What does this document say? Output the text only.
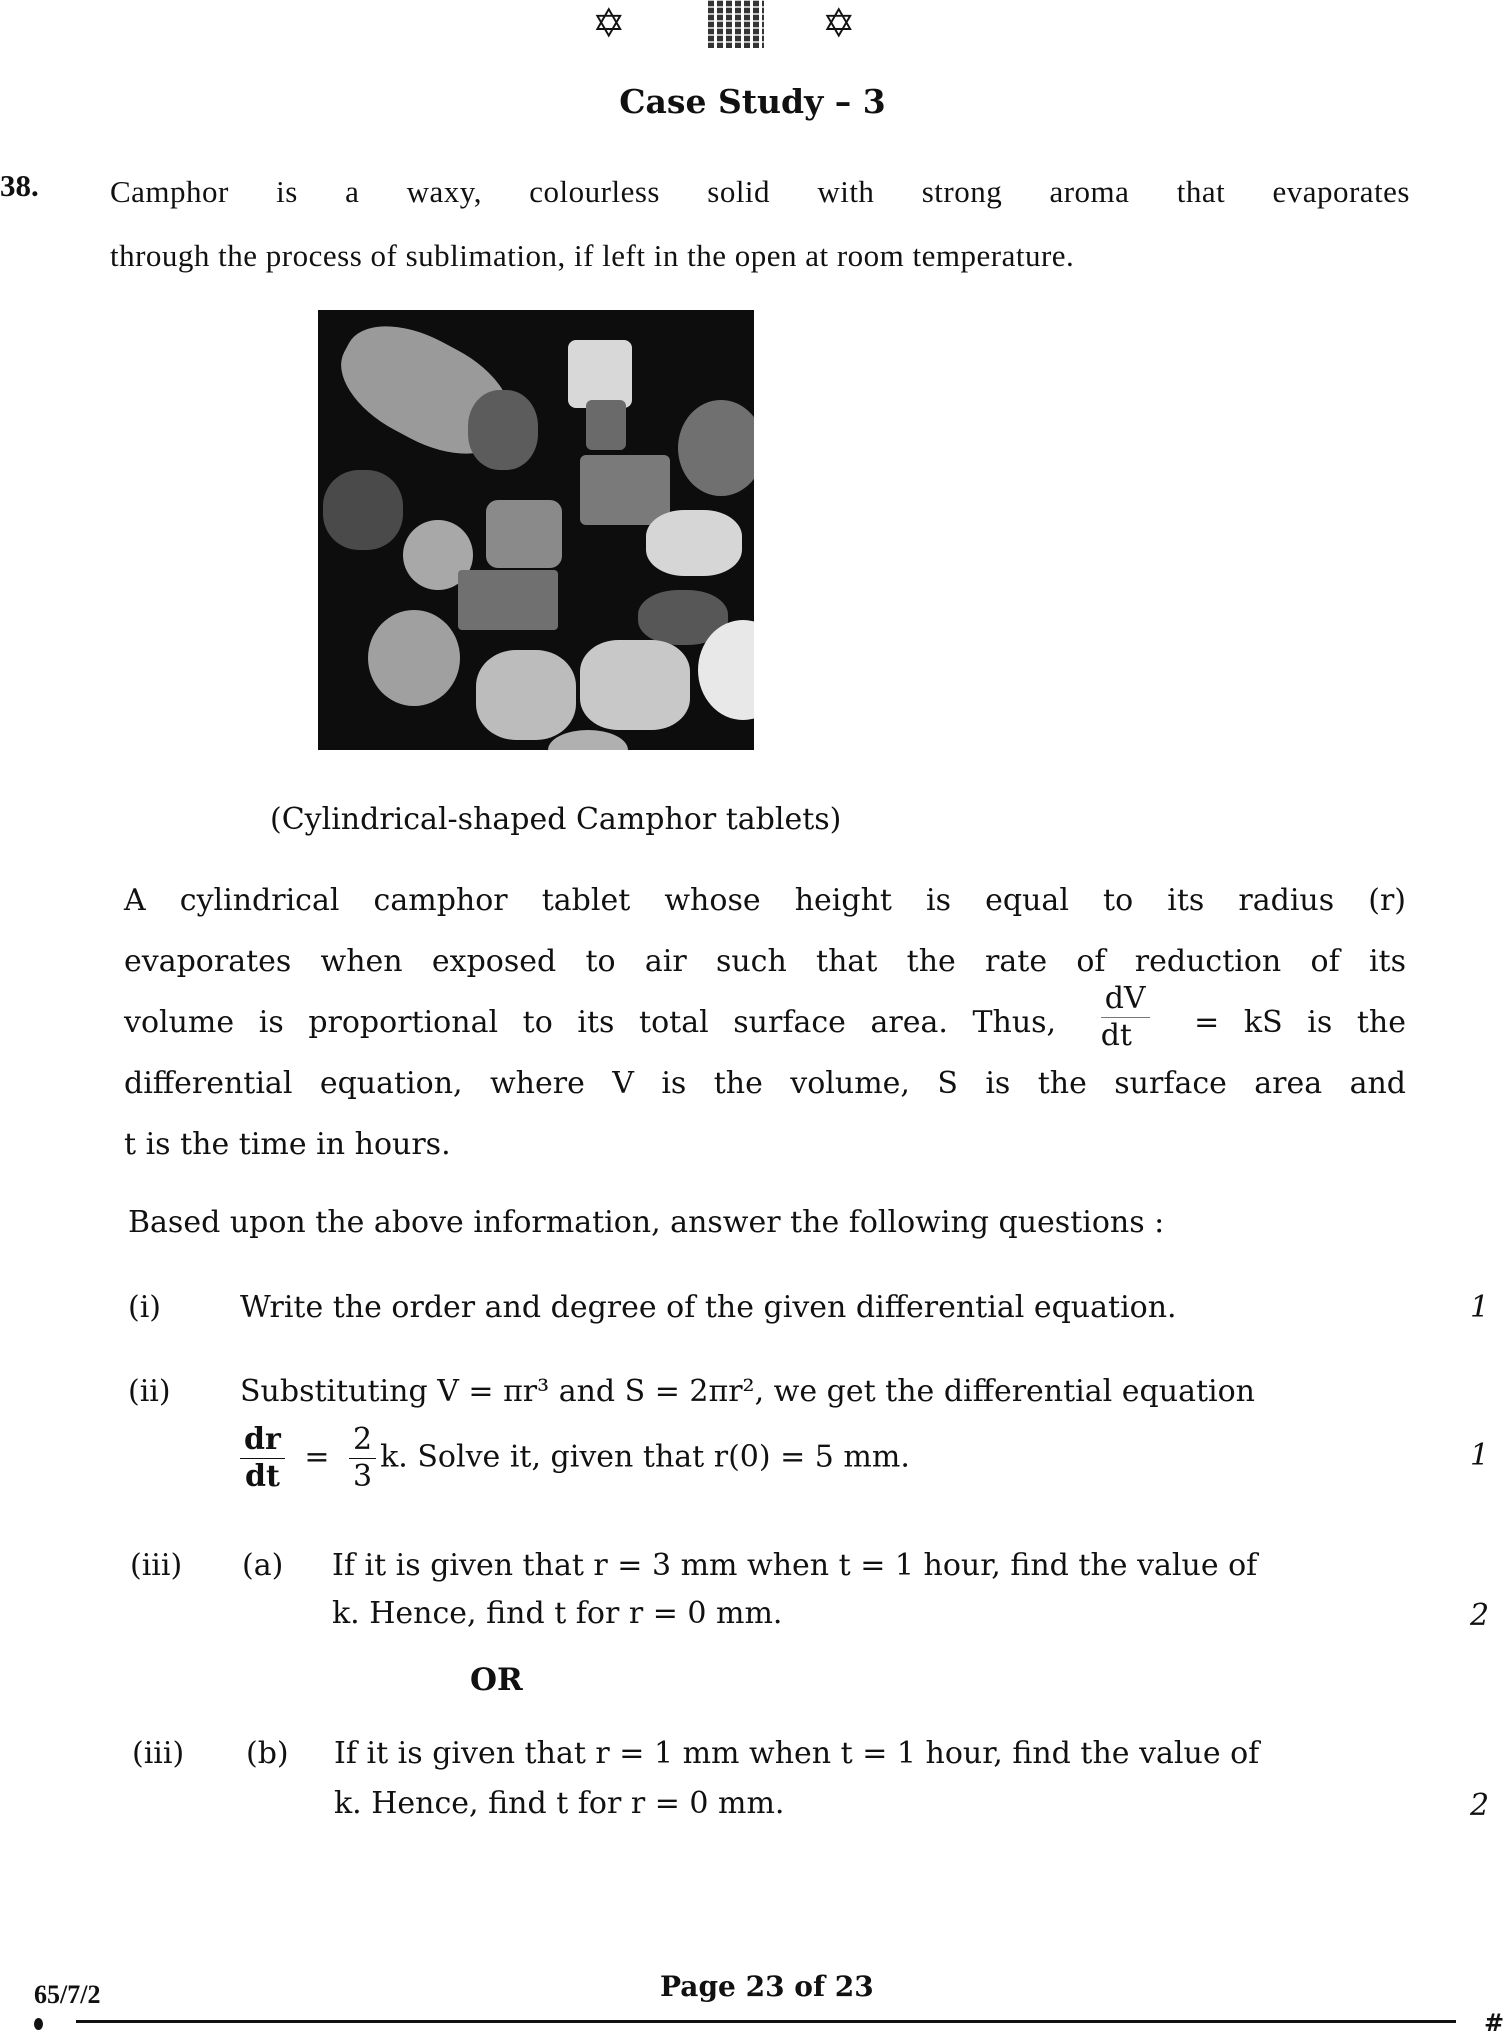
✡	✡
Case Study – 3
38. Camphor is a waxy, colourless solid with strong aroma that evaporates
through the process of sublimation, if left in the open at room temperature.
(Cylindrical-shaped Camphor tablets)
A cylindrical camphor tablet whose height is equal to its radius (r)
evaporates when exposed to air such that the rate of reduction of its
volume is proportional to its total surface area. Thus, $\frac{dV}{dt}$ = kS is the
differential equation, where V is the volume, S is the surface area and
t is the time in hours.
Based upon the above information, answer the following questions :
(i)	Write the order and degree of the given differential equation.	1
(ii) Substituting V = πr³ and S = 2πr², we get the differential equation
$\frac{dr}{dt} = \frac{2}{3} k$. Solve it, given that r(0) = 5 mm.	1
(iii) (a) If it is given that r = 3 mm when t = 1 hour, find the value of
k. Hence, find t for r = 0 mm.	2
OR
(iii) (b) If it is given that r = 1 mm when t = 1 hour, find the value of
k. Hence, find t for r = 0 mm.	2
65/7/2	Page 23 of 23
#
